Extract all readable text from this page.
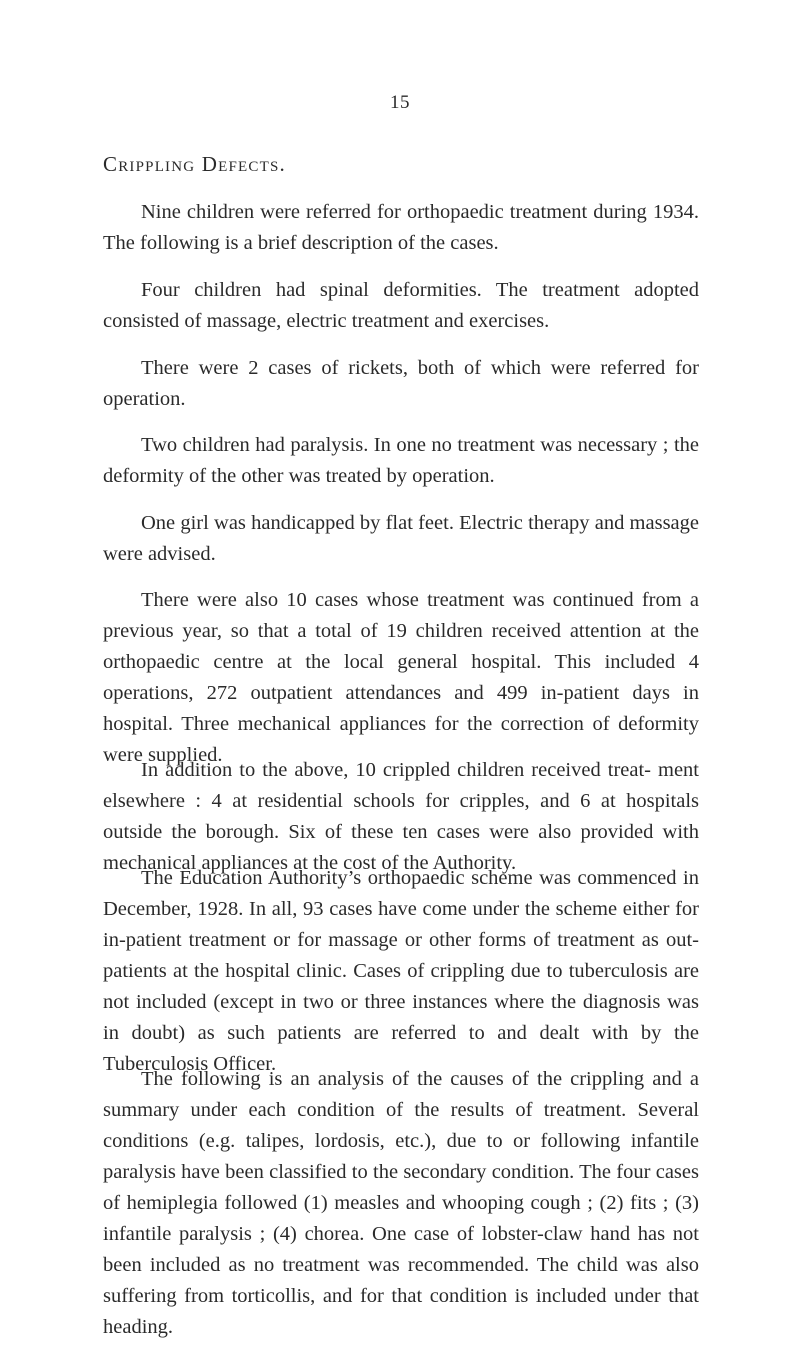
15
Crippling Defects.

Nine children were referred for orthopaedic treatment during 1934. The following is a brief description of the cases.

Four children had spinal deformities. The treatment adopted consisted of massage, electric treatment and exercises.

There were 2 cases of rickets, both of which were referred for operation.

Two children had paralysis. In one no treatment was necessary ; the deformity of the other was treated by operation.

One girl was handicapped by flat feet. Electric therapy and massage were advised.

There were also 10 cases whose treatment was continued from a previous year, so that a total of 19 children received attention at the orthopaedic centre at the local general hospital. This included 4 operations, 272 outpatient attendances and 499 in-patient days in hospital. Three mechanical appliances for the correction of deformity were supplied.

In addition to the above, 10 crippled children received treat- ment elsewhere : 4 at residential schools for cripples, and 6 at hospitals outside the borough. Six of these ten cases were also provided with mechanical appliances at the cost of the Authority.

The Education Authority’s orthopaedic scheme was commenced in December, 1928. In all, 93 cases have come under the scheme either for in-patient treatment or for massage or other forms of treatment as out-patients at the hospital clinic. Cases of crippling due to tuberculosis are not included (except in two or three instances where the diagnosis was in doubt) as such patients are referred to and dealt with by the Tuberculosis Officer.

The following is an analysis of the causes of the crippling and a summary under each condition of the results of treatment. Several conditions (e.g. talipes, lordosis, etc.), due to or following infantile paralysis have been classified to the secondary condition. The four cases of hemiplegia followed (1) measles and whooping cough ; (2) fits ; (3) infantile paralysis ; (4) chorea. One case of lobster-claw hand has not been included as no treatment was recommended. The child was also suffering from torticollis, and for that condition is included under that heading.
